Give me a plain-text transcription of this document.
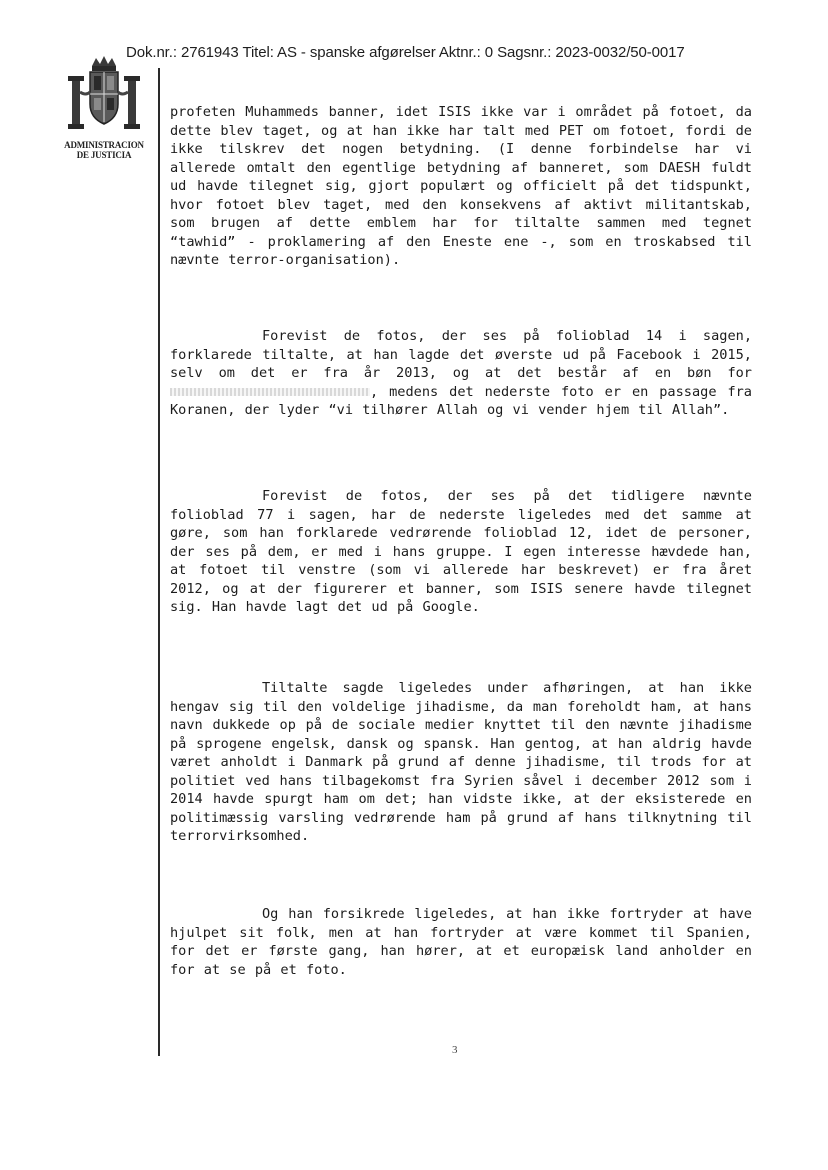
Dok.nr.: 2761943 Titel: AS - spanske afgørelser Aktnr.: 0 Sagsnr.: 2023-0032/50-0017
ADMINISTRACION
DE JUSTICIA
profeten Muhammeds banner, idet ISIS ikke var i området på fotoet, da dette blev taget, og at han ikke har talt med PET om fotoet, fordi de ikke tilskrev det nogen betydning. (I denne forbindelse har vi allerede omtalt den egentlige betydning af banneret, som DAESH fuldt ud havde tilegnet sig, gjort populært og officielt på det tidspunkt, hvor fotoet blev taget, med den konsekvens af aktivt militantskab, som brugen af dette emblem har for tiltalte sammen med tegnet “tawhid” - proklamering af den Eneste ene -, som en troskabsed til nævnte terror-organisation).
Forevist de fotos, der ses på folioblad 14 i sagen, forklarede tiltalte, at han lagde det øverste ud på Facebook i 2015, selv om det er fra år 2013, og at det består af en bøn for , medens det nederste foto er en passage fra Koranen, der lyder “vi tilhører Allah og vi vender hjem til Allah”.
Forevist de fotos, der ses på det tidligere nævnte folioblad 77 i sagen, har de nederste ligeledes med det samme at gøre, som han forklarede vedrørende folioblad 12, idet de personer, der ses på dem, er med i hans gruppe. I egen interesse hævdede han, at fotoet til venstre (som vi allerede har beskrevet) er fra året 2012, og at der figurerer et banner, som ISIS senere havde tilegnet sig. Han havde lagt det ud på Google.
Tiltalte sagde ligeledes under afhøringen, at han ikke hengav sig til den voldelige jihadisme, da man foreholdt ham, at hans navn dukkede op på de sociale medier knyttet til den nævnte jihadisme på sprogene engelsk, dansk og spansk. Han gentog, at han aldrig havde været anholdt i Danmark på grund af denne jihadisme, til trods for at politiet ved hans tilbagekomst fra Syrien såvel i december 2012 som i 2014 havde spurgt ham om det; han vidste ikke, at der eksisterede en politimæssig varsling vedrørende ham på grund af hans tilknytning til terrorvirksomhed.
Og han forsikrede ligeledes, at han ikke fortryder at have hjulpet sit folk, men at han fortryder at være kommet til Spanien, for det er første gang, han hører, at et europæisk land anholder en for at se på et foto.
3
